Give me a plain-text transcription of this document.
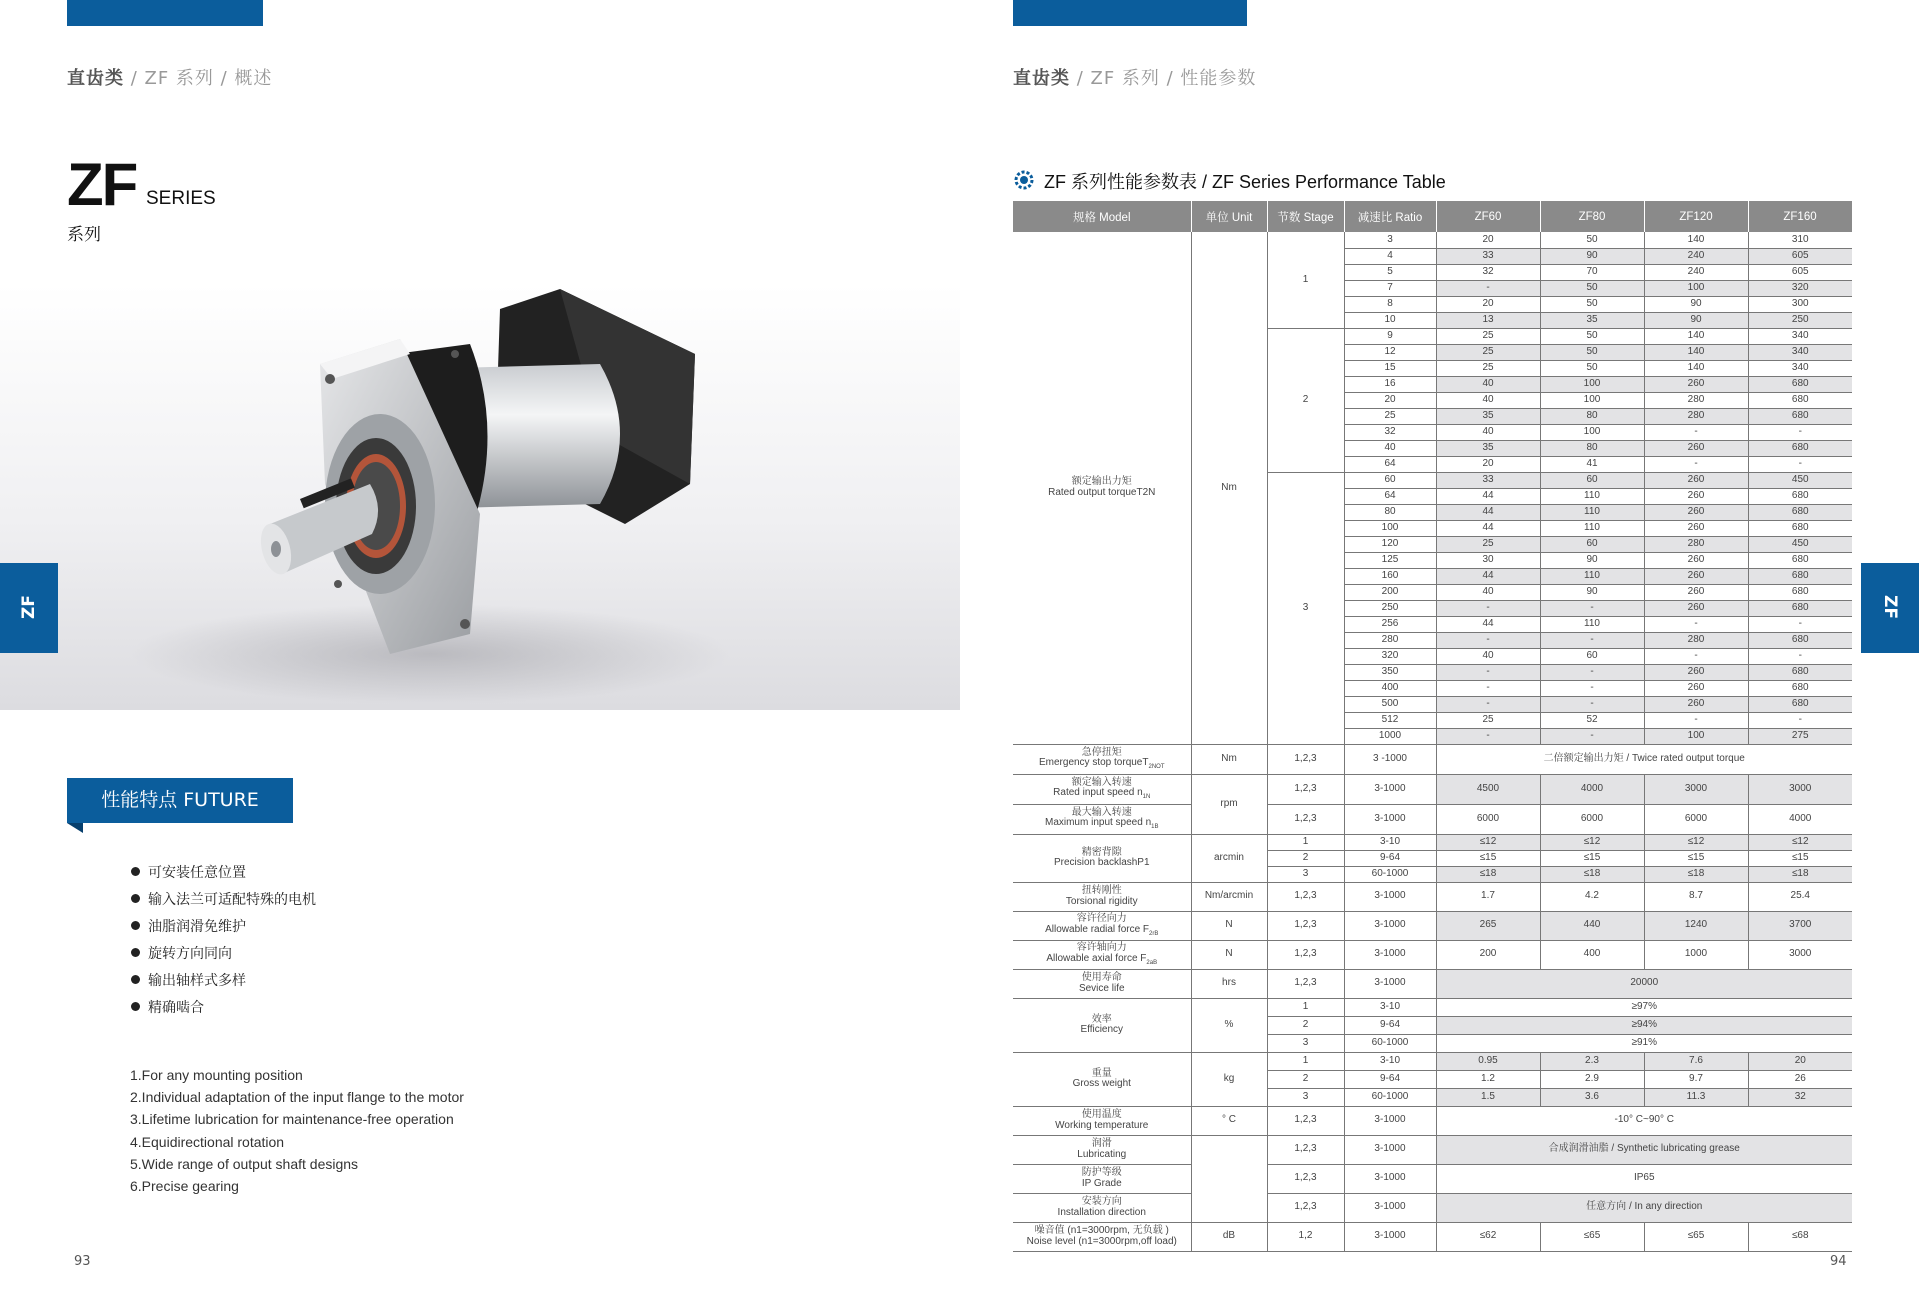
直齿类 / ZF 系列 / 概述
ZF SERIES
系列
ZF
性能特点 FUTURE
可安装任意位置
输入法兰可适配特殊的电机
油脂润滑免维护
旋转方向同向
输出轴样式多样
精确啮合
1.For any mounting position
2.Individual adaptation of the input flange to the motor
3.Lifetime lubrication for maintenance-free operation
4.Equidirectional rotation
5.Wide range of output shaft designs
6.Precise gearing
93
直齿类 / ZF 系列 / 性能参数
ZF 系列性能参数表 / ZF Series Performance Table
规格 Model	单位 Unit	节数 Stage	减速比 Ratio	ZF60	ZF80	ZF120	ZF160
额定输出力矩
Rated output torqueT2N	Nm	1	3	20	50	140	310
			4	33	90	240	605
			5	32	70	240	605
			7	-	50	100	320
			8	20	50	90	300
			10	13	35	90	250
		2	9	25	50	140	340
			12	25	50	140	340
			15	25	50	140	340
			16	40	100	260	680
			20	40	100	280	680
			25	35	80	280	680
			32	40	100	-	-
			40	35	80	260	680
			64	20	41	-	-
		3	60	33	60	260	450
			64	44	110	260	680
			80	44	110	260	680
			100	44	110	260	680
			120	25	60	280	450
			125	30	90	260	680
			160	44	110	260	680
			200	40	90	260	680
			250	-	-	260	680
			256	44	110	-	-
			280	-	-	280	680
			320	40	60	-	-
			350	-	-	260	680
			400	-	-	260	680
			500	-	-	260	680
			512	25	52	-	-
			1000	-	-	100	275
急停扭矩
Emergency stop torqueT$_{2NOT}$	Nm	1,2,3	3 -1000	二倍额定输出力矩 / Twice rated output torque			
额定输入转速
Rated input speed $n_{1N}$	rpm	1,2,3	3-1000	4500	4000	3000	3000
最大输入转速
Maximum input speed $n_{1B}$		1,2,3	3-1000	6000	6000	6000	4000
精密背隙
Precision backlashP1	arcmin	1	3-10	≤12	≤12	≤12	≤12
		2	9-64	≤15	≤15	≤15	≤15
		3	60-1000	≤18	≤18	≤18	≤18
扭转刚性
Torsional rigidity	Nm/arcmin	1,2,3	3-1000	1.7	4.2	8.7	25.4
容许径向力
Allowable radial force $F_{2rB}$	N	1,2,3	3-1000	265	440	1240	3700
容许轴向力
Allowable axial force $F_{2aB}$	N	1,2,3	3-1000	200	400	1000	3000
使用寿命
Sevice life	hrs	1,2,3	3-1000	20000			
效率
Efficiency	%	1	3-10	≥97%			
		2	9-64	≥94%			
		3	60-1000	≥91%			
重量
Gross weight	kg	1	3-10	0.95	2.3	7.6	20
		2	9-64	1.2	2.9	9.7	26
		3	60-1000	1.5	3.6	11.3	32
使用温度
Working temperature	° C	1,2,3	3-1000	-10° C~90° C			
润滑
Lubricating		1,2,3	3-1000	合成润滑油脂 / Synthetic lubricating grease			
防护等级
IP Grade		1,2,3	3-1000	IP65			
安装方向
Installation direction		1,2,3	3-1000	任意方向 / In any direction			
噪音值 (n1=3000rpm, 无负载 )
Noise level (n1=3000rpm,off load)	dB	1,2	3-1000	≤62	≤65	≤65	≤68
ZF
94
